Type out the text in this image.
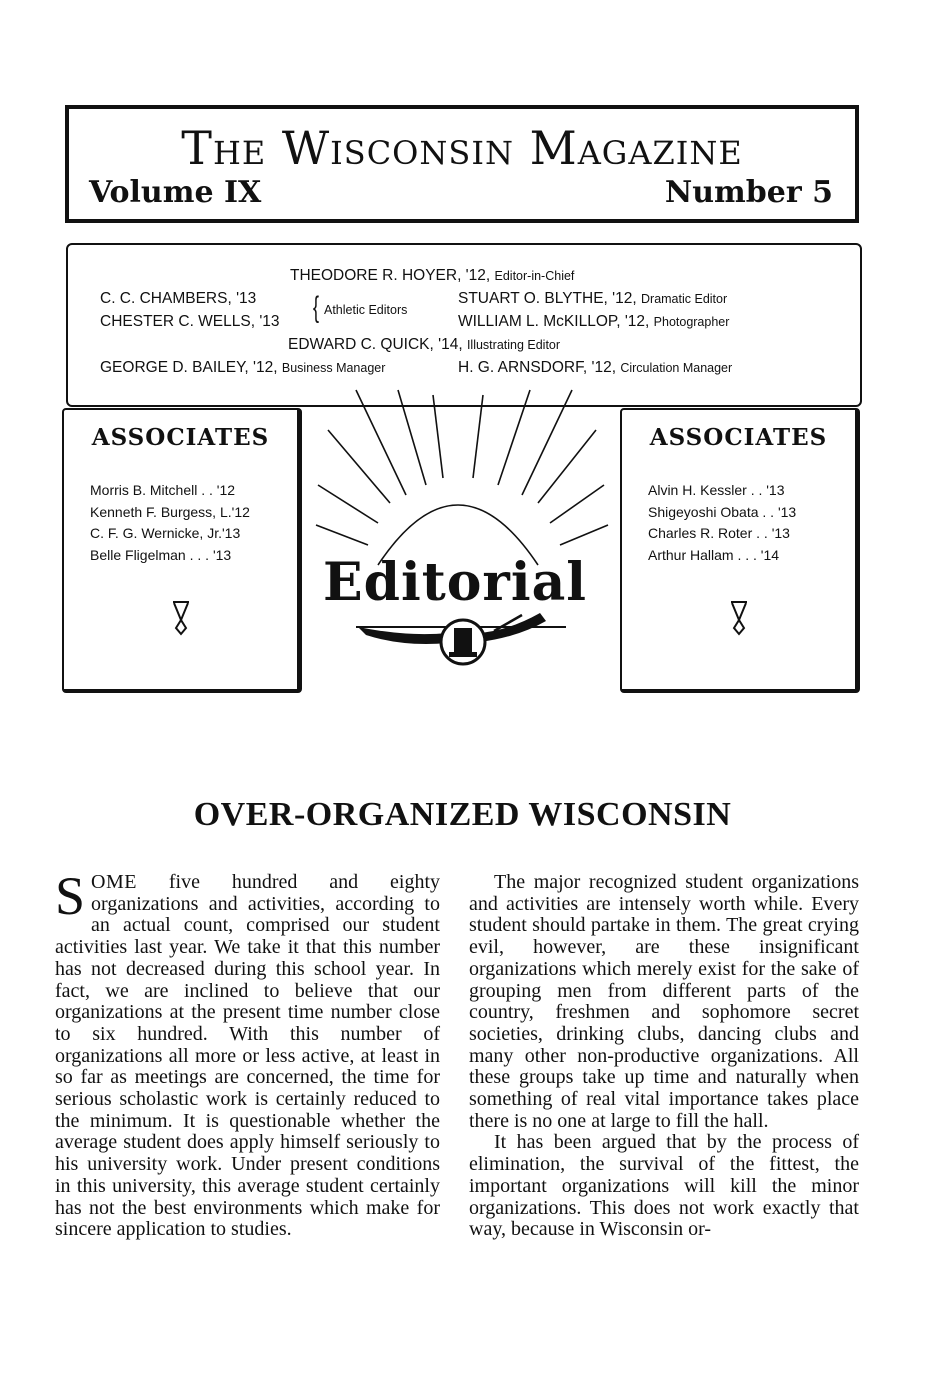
The Wisconsin Magazine
Volume IX	Number 5
THEODORE R. HOYER, '12, Editor-in-Chief
C. C. CHAMBERS, '13
CHESTER C. WELLS, '13 { Athletic Editors
STUART O. BLYTHE, '12, Dramatic Editor
WILLIAM L. McKILLOP, '12, Photographer
EDWARD C. QUICK, '14, Illustrating Editor
GEORGE D. BAILEY, '12, Business Manager	H. G. ARNSDORF, '12, Circulation Manager
ASSOCIATES
Morris B. Mitchell . . '12
Kenneth F. Burgess, L.'12
C. F. G. Wernicke, Jr.'13
Belle Fligelman . . . '13
ASSOCIATES
Alvin H. Kessler . . '13
Shigeyoshi Obata . . '13
Charles R. Roter . . '13
Arthur Hallam . . . '14
Editorial
OVER-ORGANIZED WISCONSIN

SOME five hundred and eighty organizations and activities, according to an actual count, comprised our student activities last year. We take it that this number has not decreased during this school year. In fact, we are inclined to believe that our organizations at the present time number close to six hundred. With this number of organizations all more or less active, at least in so far as meetings are concerned, the time for serious scholastic work is certainly reduced to the minimum. It is questionable whether the average student does apply himself seriously to his university work. Under present conditions in this university, this average student certainly has not the best environments which make for sincere application to studies.

The major recognized student organizations and activities are intensely worth while. Every student should partake in them. The great crying evil, however, are these insignificant organizations which merely exist for the sake of grouping men from different parts of the country, freshmen and sophomore secret societies, drinking clubs, dancing clubs and many other non-productive organizations. All these groups take up time and naturally when something of real vital importance takes place there is no one at large to fill the hall.

It has been argued that by the process of elimination, the survival of the fittest, the important organizations will kill the minor organizations. This does not work exactly that way, because in Wisconsin or-
